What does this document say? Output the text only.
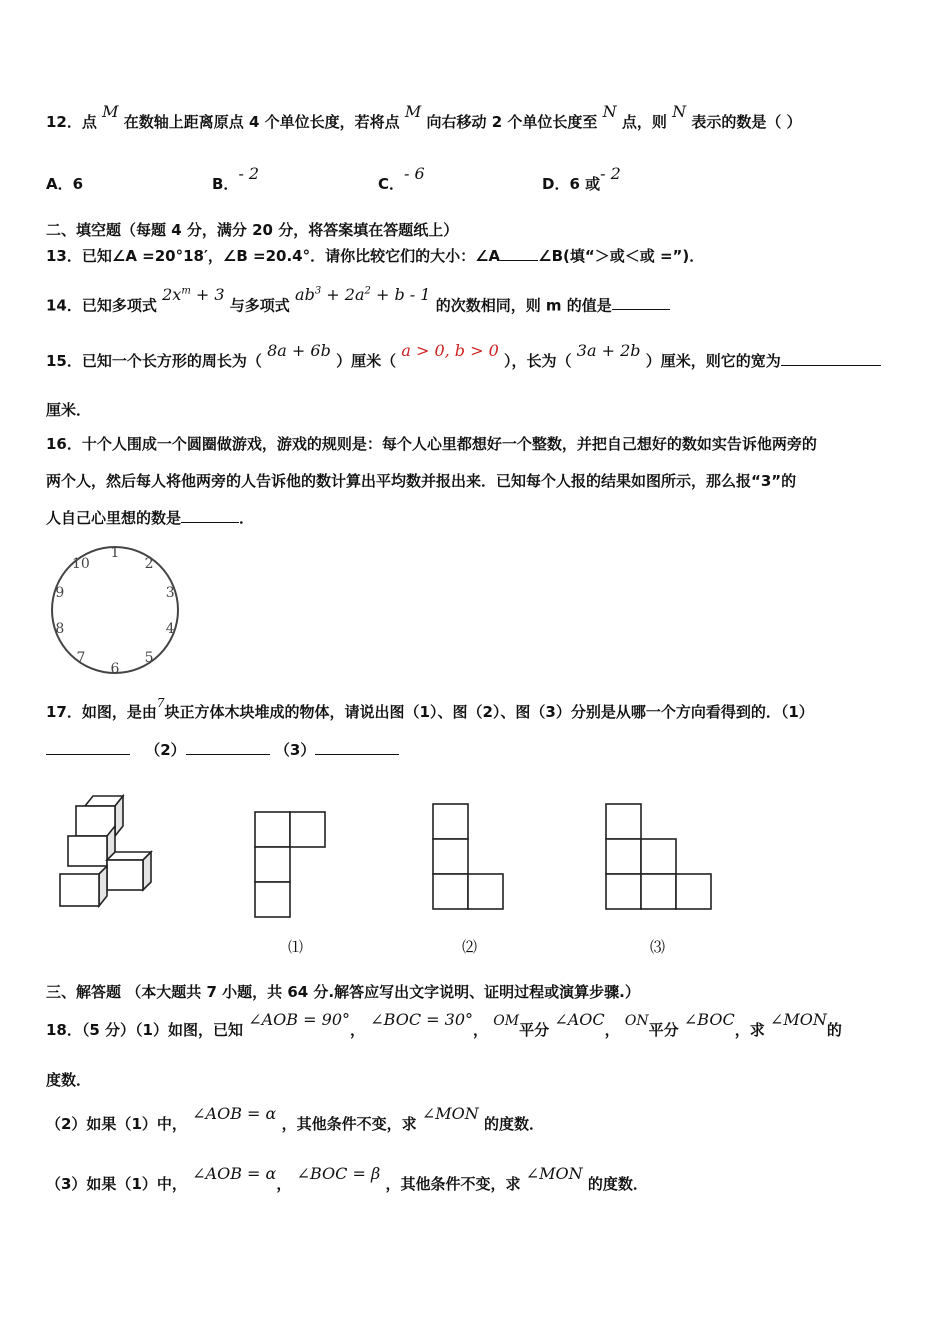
12．点 M 在数轴上距离原点 4 个单位长度，若将点 M 向右移动 2 个单位长度至 N 点，则 N 表示的数是（ ）
A．6	B．- 2
C．- 6
D．6 或- 2
二、填空题（每题 4 分，满分 20 分，将答案填在答题纸上）
13．已知∠A =20°18′，∠B =20.4°．请你比较它们的大小：∠A	∠B(填“＞或＜或 =”)．
14．已知多项式 $2x^m + 3$ 与多项式 $ab^3 + 2a^2 + b - 1$ 的次数相同，则 m 的值是
15．已知一个长方形的周长为（ 8a + 6b ）厘米（ a > 0, b > 0 ），长为（ 3a + 2b ）厘米，则它的宽为
厘米．
16．十个人围成一个圆圈做游戏，游戏的规则是：每个人心里都想好一个整数，并把自己想好的数如实告诉他两旁的
两个人，然后每人将他两旁的人告诉他的数计算出平均数并报出来．已知每个人报的结果如图所示，那么报“3”的
人自己心里想的数是	．
1
2
3
4
5
6
7
8
9
10
17．如图，是由$^7$块正方体木块堆成的物体，请说出图（1）、图（2）、图（3）分别是从哪一个方向看得到的．（1）
（2）	（3）
⑴	⑵	⑶
三、解答题 （本大题共 7 小题，共 64 分.解答应写出文字说明、证明过程或演算步骤.）
18．（5 分）（1）如图，已知 ∠AOB = 90°， ∠BOC = 30°， OM平分 ∠AOC， ON平分 ∠BOC，求 ∠MON的
度数．
（2）如果（1）中， ∠AOB = α ，其他条件不变，求 ∠MON 的度数．
（3）如果（1）中， ∠AOB = α， ∠BOC = β ，其他条件不变，求 ∠MON 的度数．
